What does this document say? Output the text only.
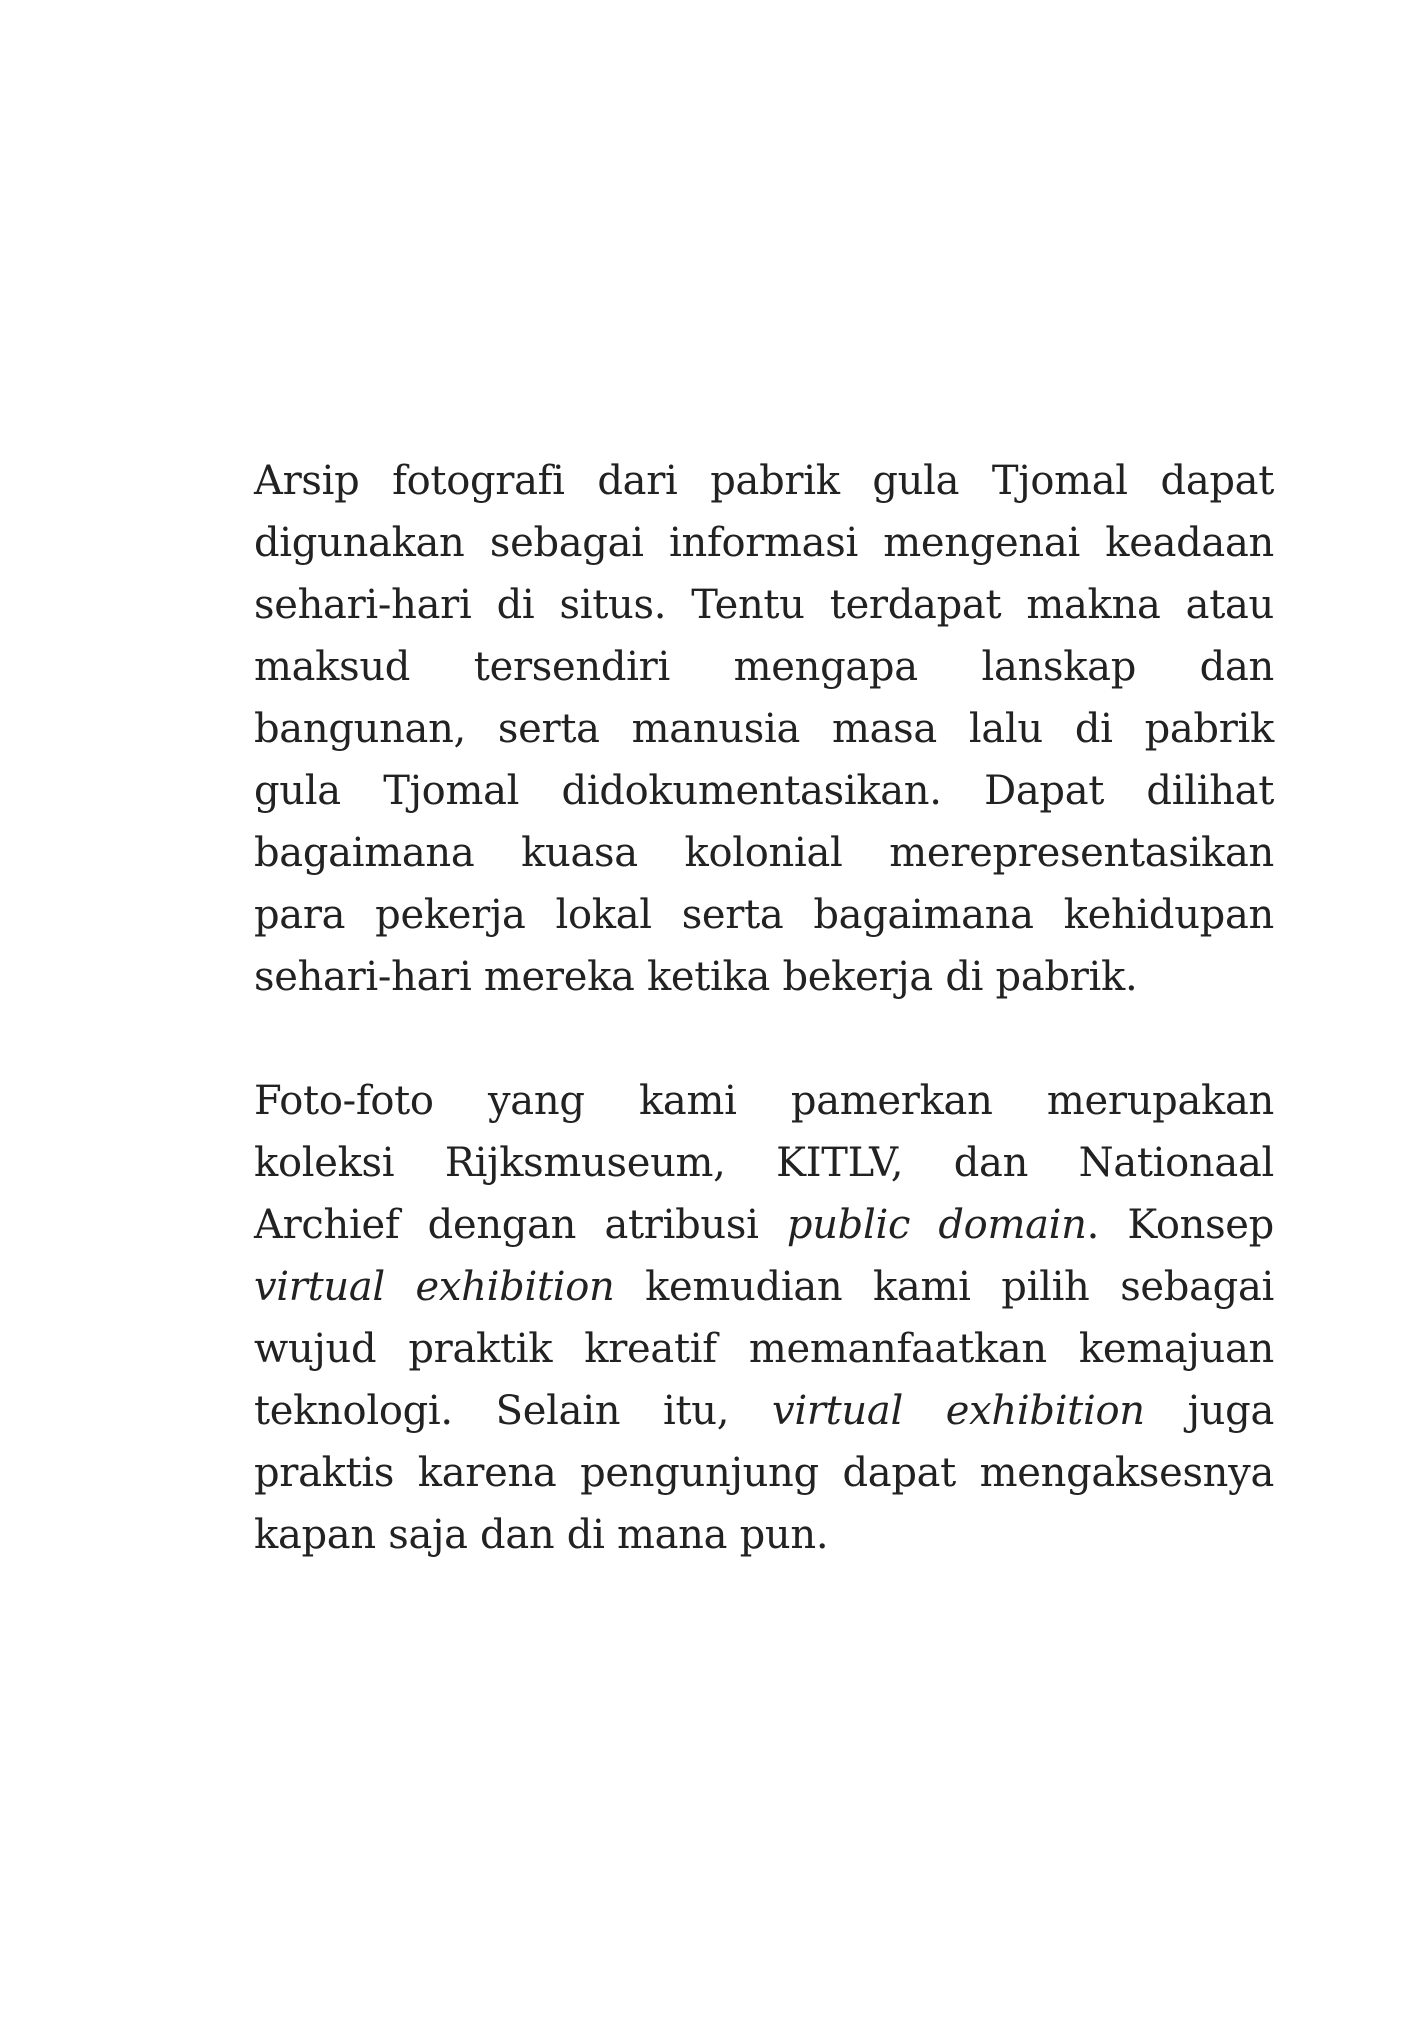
Arsip fotografi dari pabrik gula Tjomal dapat
digunakan sebagai informasi mengenai keadaan
sehari-hari di situs. Tentu terdapat makna atau
maksud tersendiri mengapa lanskap dan
bangunan, serta manusia masa lalu di pabrik
gula Tjomal didokumentasikan. Dapat dilihat
bagaimana kuasa kolonial merepresentasikan
para pekerja lokal serta bagaimana kehidupan
sehari-hari mereka ketika bekerja di pabrik.

Foto-foto yang kami pamerkan merupakan
koleksi Rijksmuseum, KITLV, dan Nationaal
Archief dengan atribusi public domain. Konsep
virtual exhibition kemudian kami pilih sebagai
wujud praktik kreatif memanfaatkan kemajuan
teknologi. Selain itu, virtual exhibition juga
praktis karena pengunjung dapat mengaksesnya
kapan saja dan di mana pun.
